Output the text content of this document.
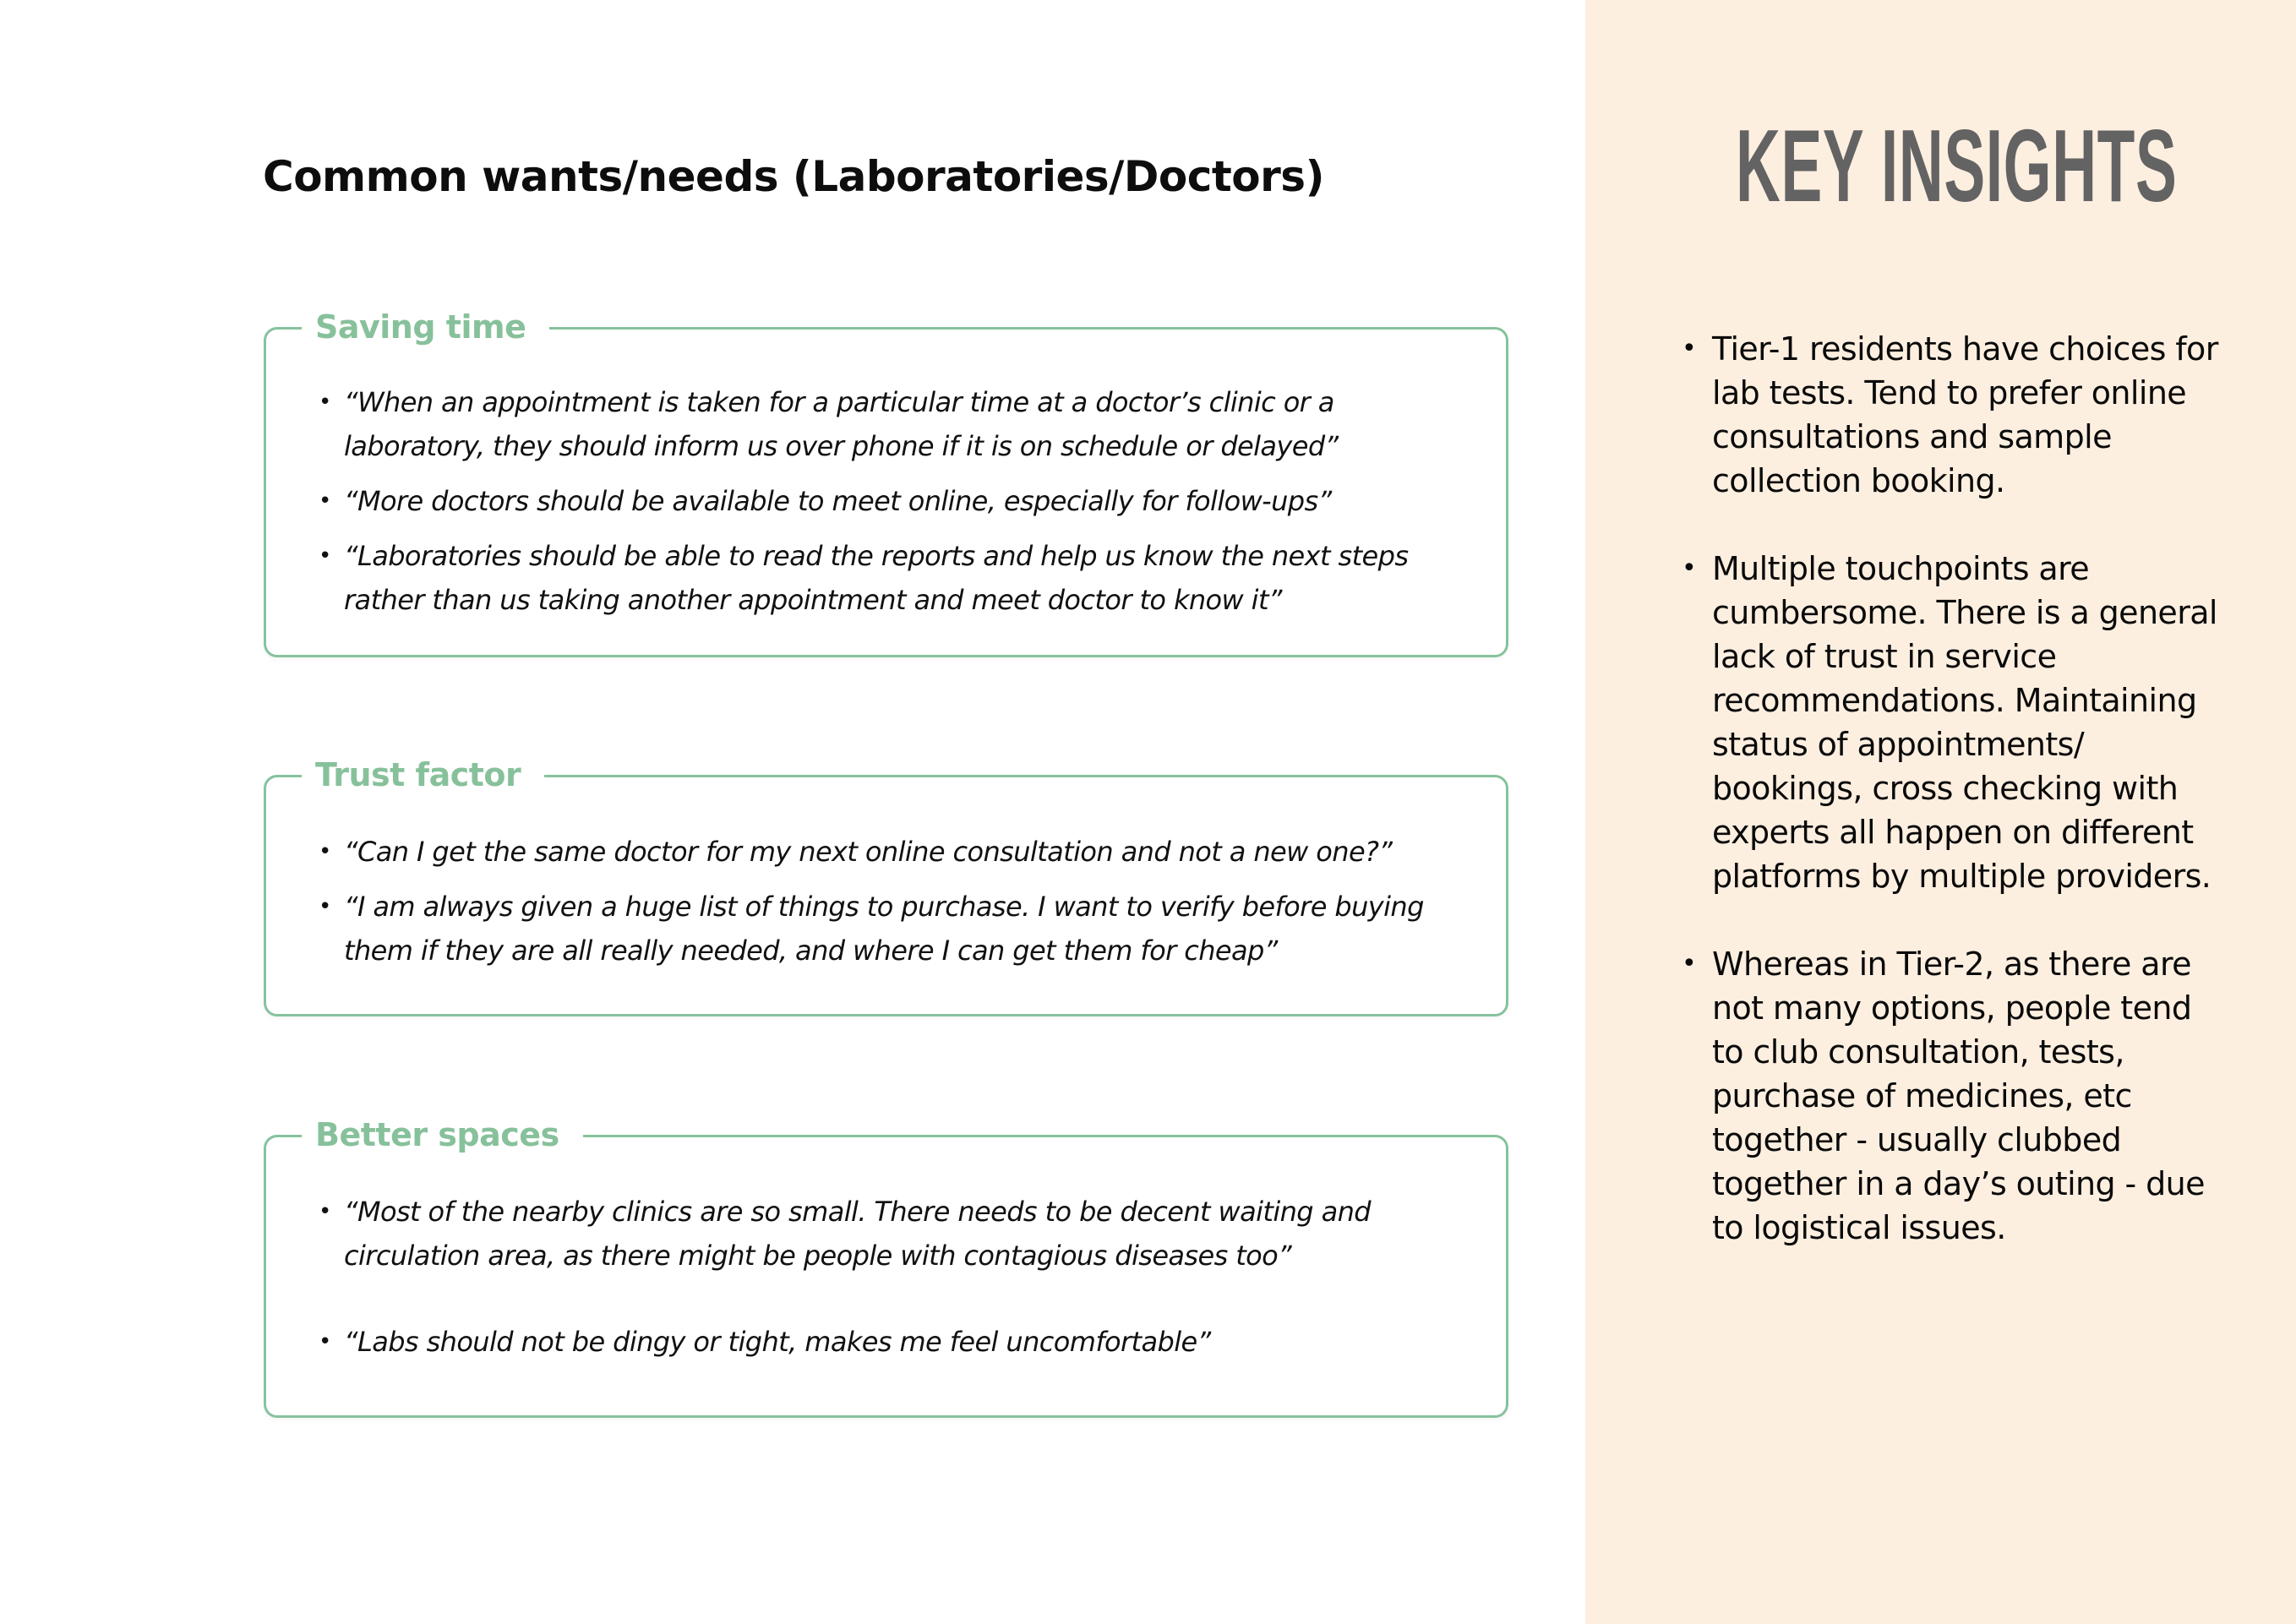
Common wants/needs (Laboratories/Doctors)
Saving time
• “When an appointment is taken for a particular time at a doctor’s clinic or a laboratory, they should inform us over phone if it is on schedule or delayed”
• “More doctors should be available to meet online, especially for follow-ups”
• “Laboratories should be able to read the reports and help us know the next steps rather than us taking another appointment and meet doctor to know it”
Trust factor
• “Can I get the same doctor for my next online consultation and not a new one?”
• “I am always given a huge list of things to purchase. I want to verify before buying them if they are all really needed, and where I can get them for cheap”
Better spaces
• “Most of the nearby clinics are so small. There needs to be decent waiting and circulation area, as there might be people with contagious diseases too”
• “Labs should not be dingy or tight, makes me feel uncomfortable”
KEY INSIGHTS
• Tier-1 residents have choices for lab tests. Tend to prefer online consultations and sample collection booking.
• Multiple touchpoints are cumbersome. There is a general lack of trust in service recommendations. Maintaining status of appointments/ bookings, cross checking with experts all happen on different platforms by multiple providers.
• Whereas in Tier-2, as there are not many options, people tend to club consultation, tests, purchase of medicines, etc together - usually clubbed together in a day’s outing - due to logistical issues.
